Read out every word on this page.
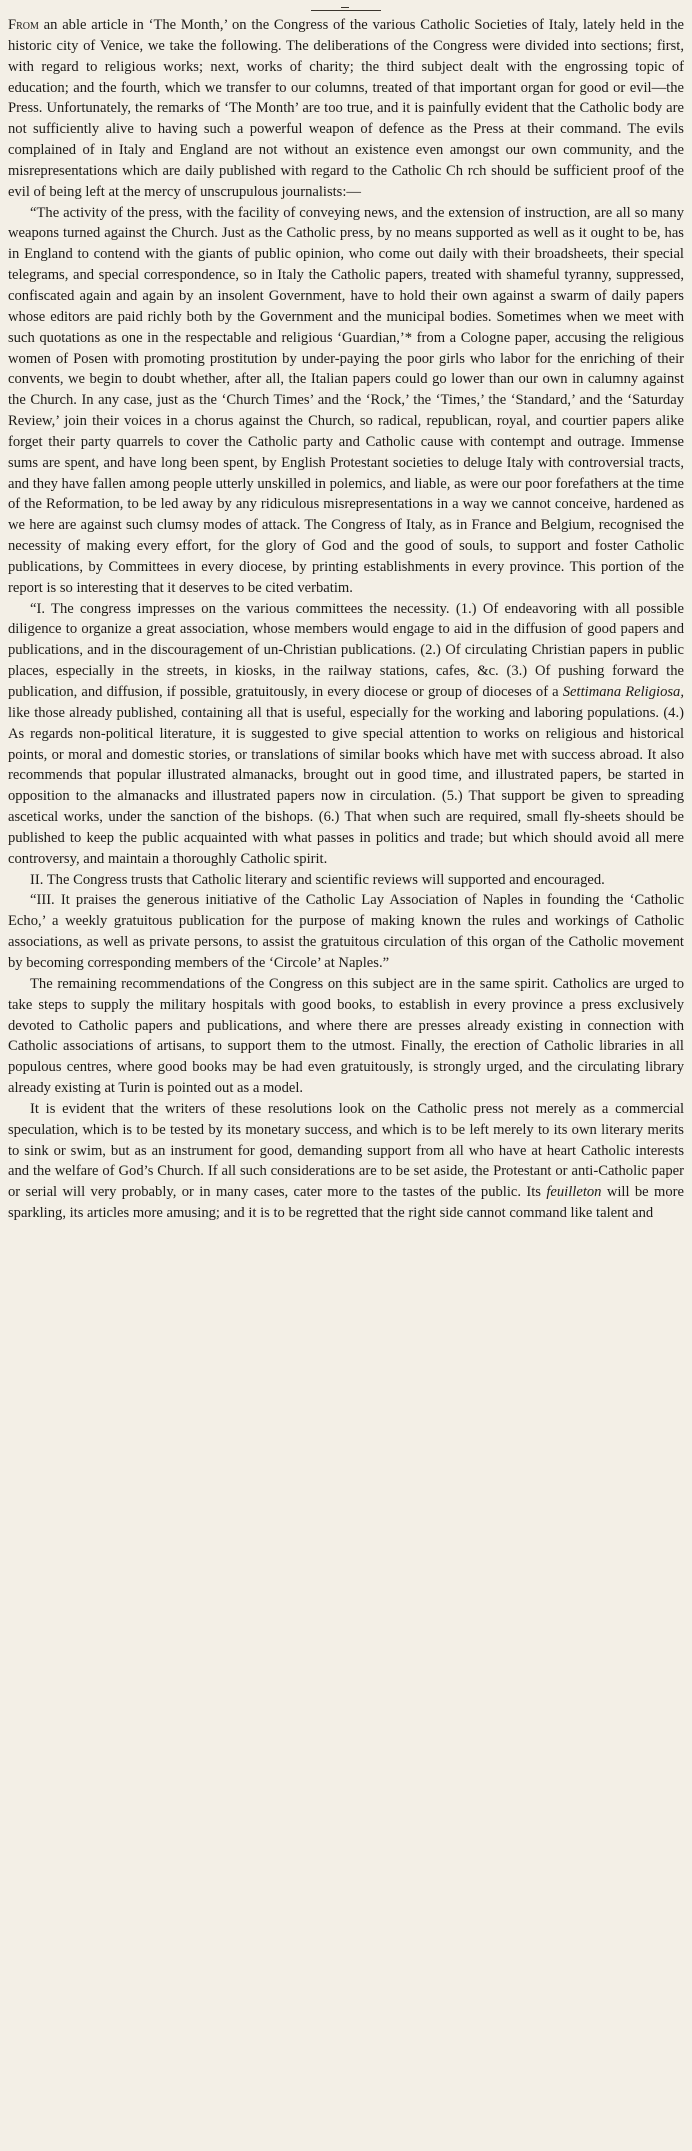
From an able article in ‘The Month,’ on the Congress of the various Catholic Societies of Italy, lately held in the historic city of Venice, we take the following. The deliberations of the Congress were divided into sections; first, with regard to religious works; next, works of charity; the third subject dealt with the engrossing topic of education; and the fourth, which we transfer to our columns, treated of that important organ for good or evil—the Press. Unfortunately, the remarks of ‘The Month’ are too true, and it is painfully evident that the Catholic body are not sufficiently alive to having such a powerful weapon of defence as the Press at their command. The evils complained of in Italy and England are not without an existence even amongst our own community, and the misrepresentations which are daily published with regard to the Catholic Ch rch should be sufficient proof of the evil of being left at the mercy of unscrupulous journalists:—

“The activity of the press, with the facility of conveying news, and the extension of instruction, are all so many weapons turned against the Church. Just as the Catholic press, by no means supported as well as it ought to be, has in England to contend with the giants of public opinion, who come out daily with their broadsheets, their special telegrams, and special correspondence, so in Italy the Catholic papers, treated with shameful tyranny, suppressed, confiscated again and again by an insolent Government, have to hold their own against a swarm of daily papers whose editors are paid richly both by the Government and the municipal bodies. Sometimes when we meet with such quotations as one in the respectable and religious ‘Guardian,’* from a Cologne paper, accusing the religious women of Posen with promoting prostitution by under-paying the poor girls who labor for the enriching of their convents, we begin to doubt whether, after all, the Italian papers could go lower than our own in calumny against the Church. In any case, just as the ‘Church Times’ and the ‘Rock,’ the ‘Times,’ the ‘Standard,’ and the ‘Saturday Review,’ join their voices in a chorus against the Church, so radical, republican, royal, and courtier papers alike forget their party quarrels to cover the Catholic party and Catholic cause with contempt and outrage. Immense sums are spent, and have long been spent, by English Protestant societies to deluge Italy with controversial tracts, and they have fallen among people utterly unskilled in polemics, and liable, as were our poor forefathers at the time of the Reformation, to be led away by any ridiculous misrepresentations in a way we cannot conceive, hardened as we here are against such clumsy modes of attack. The Congress of Italy, as in France and Belgium, recognised the necessity of making every effort, for the glory of God and the good of souls, to support and foster Catholic publications, by Committees in every diocese, by printing establishments in every province. This portion of the report is so interesting that it deserves to be cited verbatim.

“I. The congress impresses on the various committees the necessity. (1.) Of endeavoring with all possible diligence to organize a great association, whose members would engage to aid in the diffusion of good papers and publications, and in the discouragement of un-Christian publications. (2.) Of circulating Christian papers in public places, especially in the streets, in kiosks, in the railway stations, cafes, &c. (3.) Of pushing forward the publication, and diffusion, if possible, gratuitously, in every diocese or group of dioceses of a Settimana Religiosa, like those already published, containing all that is useful, especially for the working and laboring populations. (4.) As regards non-political literature, it is suggested to give special attention to works on religious and historical points, or moral and domestic stories, or translations of similar books which have met with success abroad. It also recommends that popular illustrated almanacks, brought out in good time, and illustrated papers, be started in opposition to the almanacks and illustrated papers now in circulation. (5.) That support be given to spreading ascetical works, under the sanction of the bishops. (6.) That when such are required, small fly-sheets should be published to keep the public acquainted with what passes in politics and trade; but which should avoid all mere controversy, and maintain a thoroughly Catholic spirit.

II. The Congress trusts that Catholic literary and scientific reviews will supported and encouraged.

“III. It praises the generous initiative of the Catholic Lay Association of Naples in founding the ‘Catholic Echo,’ a weekly gratuitous publication for the purpose of making known the rules and workings of Catholic associations, as well as private persons, to assist the gratuitous circulation of this organ of the Catholic movement by becoming corresponding members of the ‘Circole’ at Naples.”

The remaining recommendations of the Congress on this subject are in the same spirit. Catholics are urged to take steps to supply the military hospitals with good books, to establish in every province a press exclusively devoted to Catholic papers and publications, and where there are presses already existing in connection with Catholic associations of artisans, to support them to the utmost. Finally, the erection of Catholic libraries in all populous centres, where good books may be had even gratuitously, is strongly urged, and the circulating library already existing at Turin is pointed out as a model.

It is evident that the writers of these resolutions look on the Catholic press not merely as a commercial speculation, which is to be tested by its monetary success, and which is to be left merely to its own literary merits to sink or swim, but as an instrument for good, demanding support from all who have at heart Catholic interests and the welfare of God’s Church. If all such considerations are to be set aside, the Protestant or anti-Catholic paper or serial will very probably, or in many cases, cater more to the tastes of the public. Its feuilleton will be more sparkling, its articles more amusing; and it is to be regretted that the right side cannot command like talent and
